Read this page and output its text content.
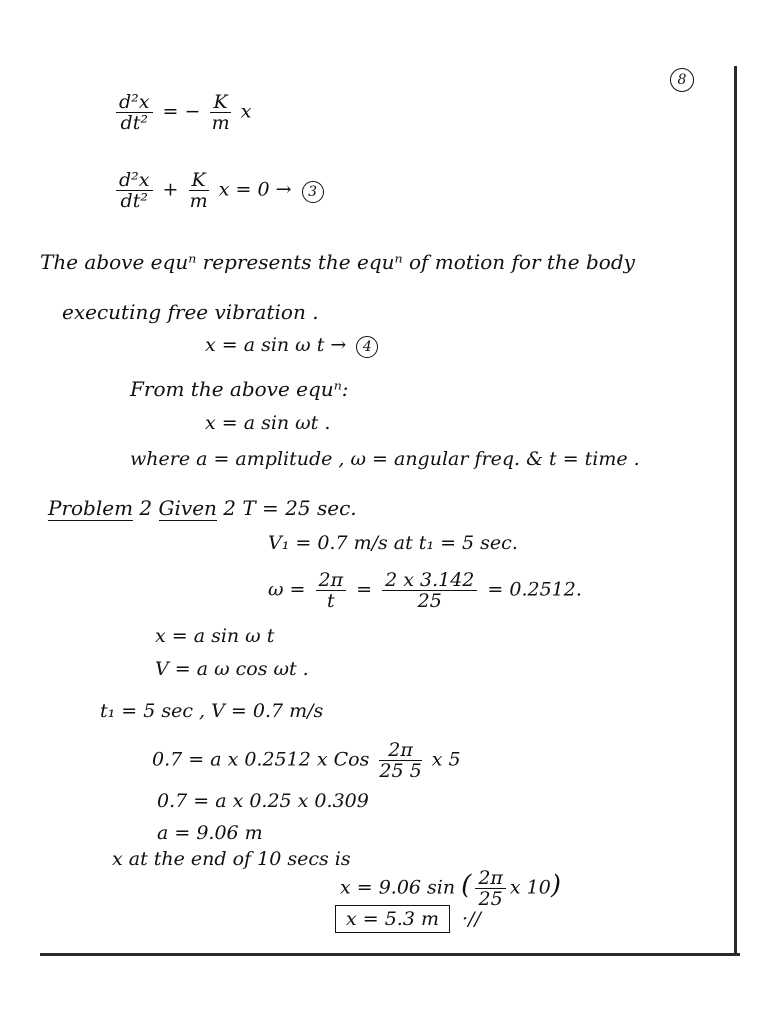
8
$\frac{\text{d²x}}{\text{dt²}}$ = − $\frac{K}{m}$ x
$\frac{\text{d²x}}{\text{dt²}} + \frac{K}{m}$ x = 0 → 3
The above equⁿ represents the equⁿ of motion for the body
executing free vibration .
x = a sin ω t → 4
From the above equⁿ:
x = a sin ωt .
where a = amplitude , ω = angular freq. & t = time .
Problem 2 Given 2 T = 25 sec.
V₁ = 0.7 m/s at t₁ = 5 sec.
$\omega = \frac{2\pi}{t} = \frac{2 x 3.142}{25} = 0.2512$.
x = a sin ω t
V = a ω cos ωt .
t₁ = 5 sec , V = 0.7 m/s
0.7 = a x 0.2512 x Cos $\frac{2\pi}{25 5}$ x 5
0.7 = a x 0.25 x 0.309
a = 9.06 m
x at the end of 10 secs is
x = 9.06 sin ( $\frac{2\pi}{25}$ x 10)
x = 5.3 m ·//
